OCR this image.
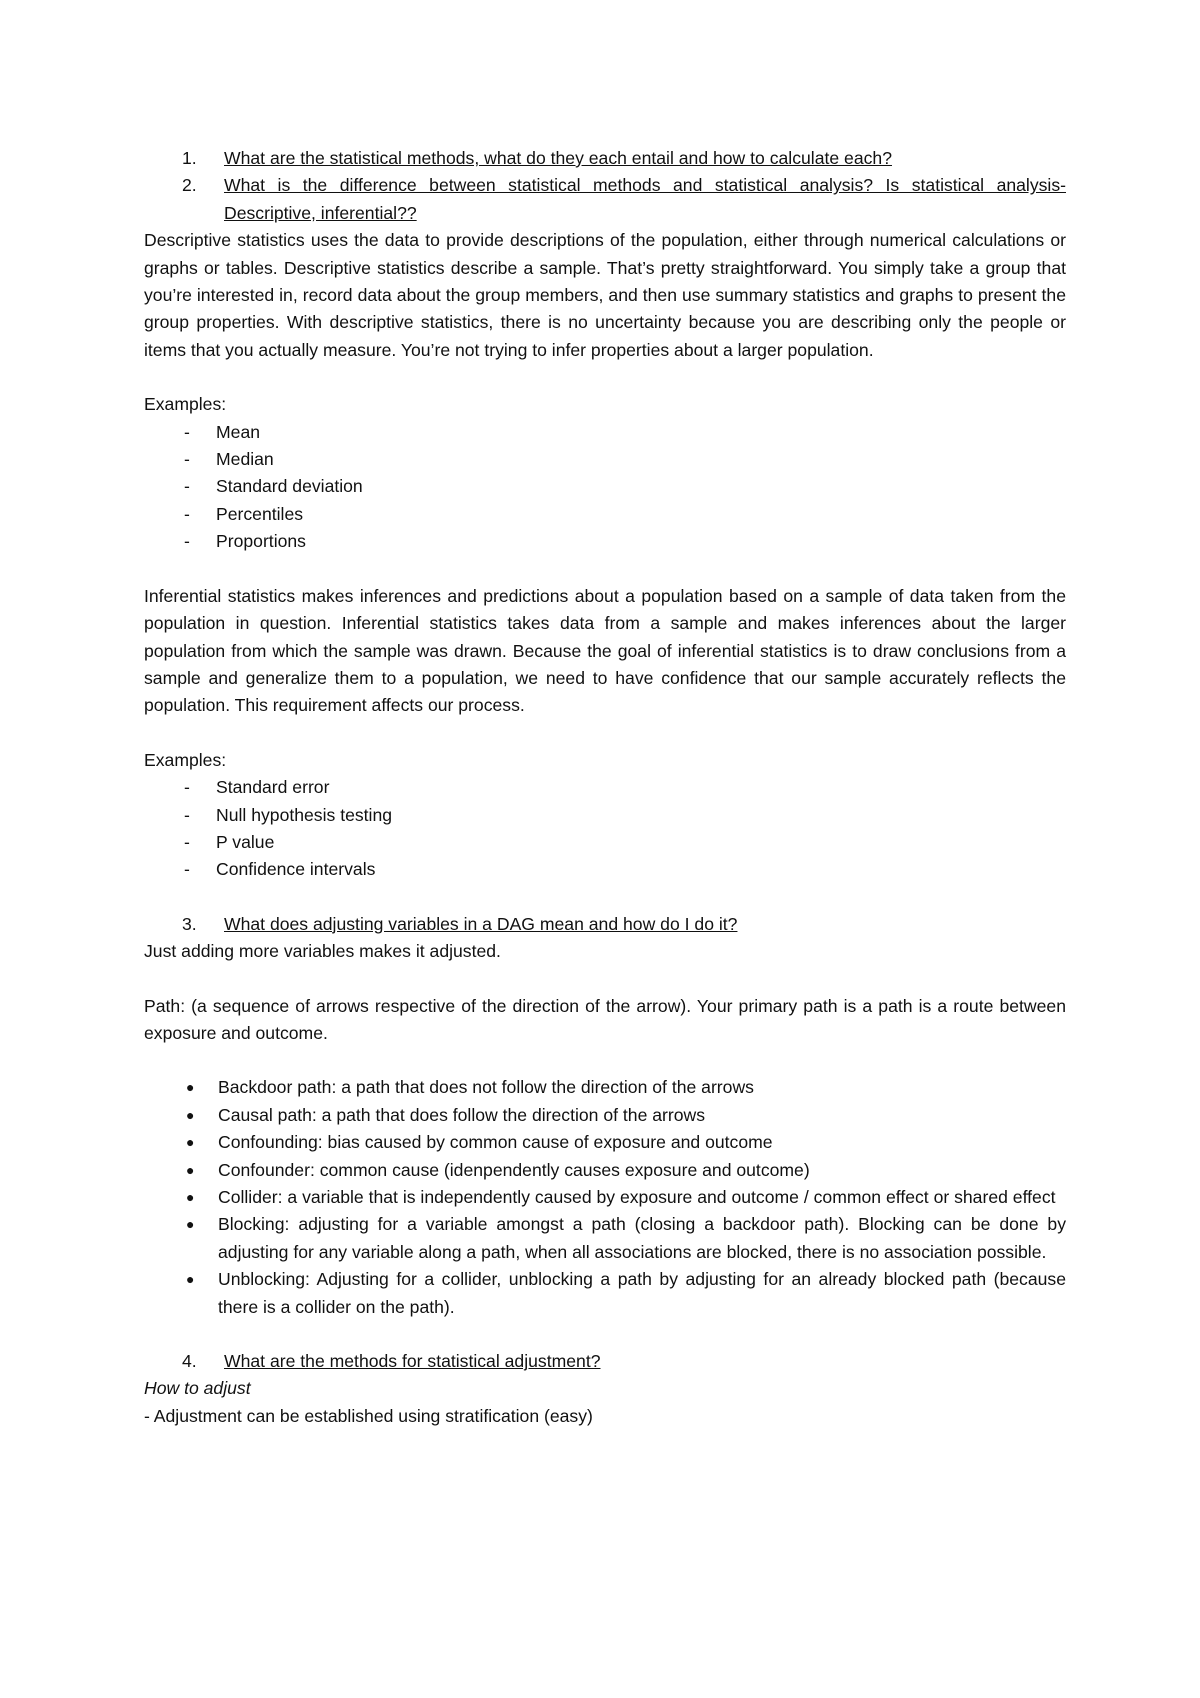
1.	What are the statistical methods, what do they each entail and how to calculate each?
2.	What is the difference between statistical methods and statistical analysis? Is statistical analysis- Descriptive, inferential??

Descriptive statistics uses the data to provide descriptions of the population, either through numerical calculations or graphs or tables. Descriptive statistics describe a sample. That’s pretty straightforward. You simply take a group that you’re interested in, record data about the group members, and then use summary statistics and graphs to present the group properties. With descriptive statistics, there is no uncertainty because you are describing only the people or items that you actually measure. You’re not trying to infer properties about a larger population.

Examples:

-	Mean
-	Median
-	Standard deviation
-	Percentiles
-	Proportions

Inferential statistics makes inferences and predictions about a population based on a sample of data taken from the population in question. Inferential statistics takes data from a sample and makes inferences about the larger population from which the sample was drawn. Because the goal of inferential statistics is to draw conclusions from a sample and generalize them to a population, we need to have confidence that our sample accurately reflects the population. This requirement affects our process.

Examples:

-	Standard error
-	Null hypothesis testing
-	P value
-	Confidence intervals
3.	What does adjusting variables in a DAG mean and how do I do it?

Just adding more variables makes it adjusted.

Path: (a sequence of arrows respective of the direction of the arrow). Your primary path is a path is a route between exposure and outcome.

●	Backdoor path: a path that does not follow the direction of the arrows
●	Causal path: a path that does follow the direction of the arrows
●	Confounding: bias caused by common cause of exposure and outcome
●	Confounder: common cause (idenpendently causes exposure and outcome)
●	Collider: a variable that is independently caused by exposure and outcome / common effect or shared effect
●	Blocking: adjusting for a variable amongst a path (closing a backdoor path). Blocking can be done by adjusting for any variable along a path, when all associations are blocked, there is no association possible.
●	Unblocking: Adjusting for a collider, unblocking a path by adjusting for an already blocked path (because there is a collider on the path).
4.	What are the methods for statistical adjustment?

How to adjust

- Adjustment can be established using stratification (easy)
